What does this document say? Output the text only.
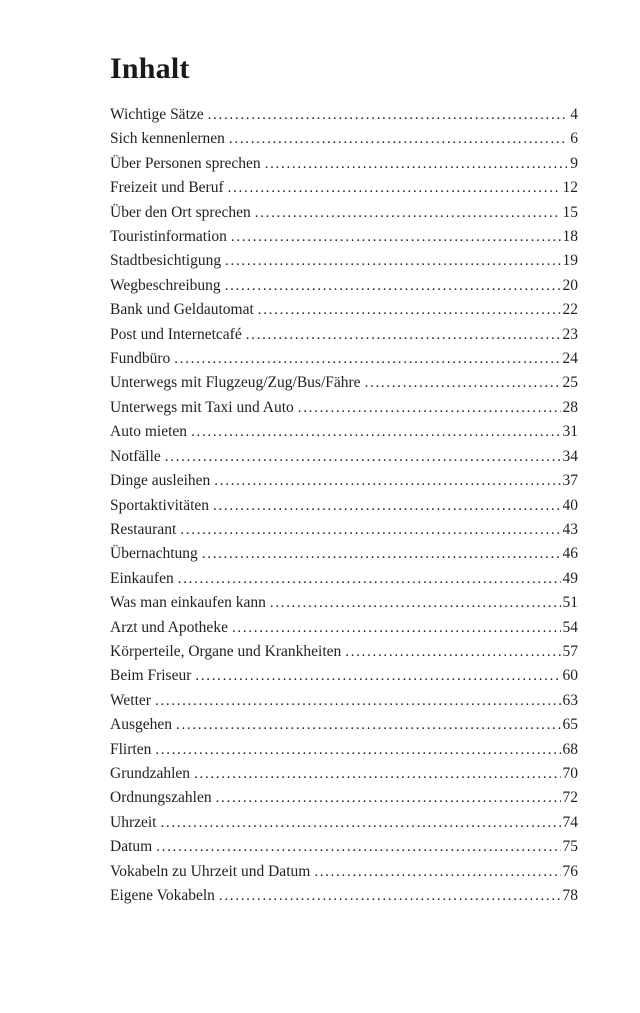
Inhalt
Wichtige Sätze .....	4
Sich kennenlernen .....	6
Über Personen sprechen .....	9
Freizeit und Beruf .....	12
Über den Ort sprechen .....	15
Touristinformation .....	18
Stadtbesichtigung .....	19
Wegbeschreibung .....	20
Bank und Geldautomat .....	22
Post und Internetcafé .....	23
Fundbüro .....	24
Unterwegs mit Flugzeug/Zug/Bus/Fähre .....	25
Unterwegs mit Taxi und Auto .....	28
Auto mieten .....	31
Notfälle .....	34
Dinge ausleihen .....	37
Sportaktivitäten .....	40
Restaurant .....	43
Übernachtung .....	46
Einkaufen .....	49
Was man einkaufen kann .....	51
Arzt und Apotheke .....	54
Körperteile, Organe und Krankheiten .....	57
Beim Friseur .....	60
Wetter .....	63
Ausgehen .....	65
Flirten .....	68
Grundzahlen .....	70
Ordnungszahlen .....	72
Uhrzeit .....	74
Datum .....	75
Vokabeln zu Uhrzeit und Datum .....	76
Eigene Vokabeln .....	78
